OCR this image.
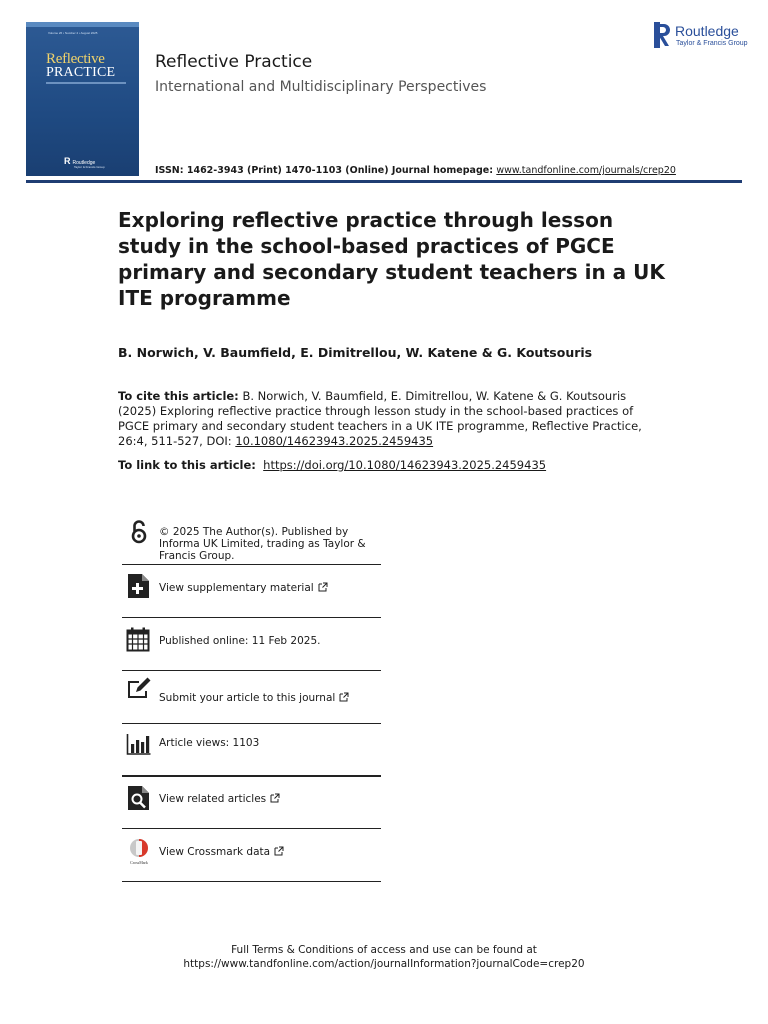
Volume 26 • Number 4 • August 2025
Reflective
PRACTICE
R Routledge
Taylor & Francis Group
Reflective Practice
International and Multidisciplinary Perspectives
ISSN: 1462-3943 (Print) 1470-1103 (Online) Journal homepage: www.tandfonline.com/journals/crep20
Routledge
Taylor & Francis Group
Exploring reflective practice through lesson study in the school-based practices of PGCE primary and secondary student teachers in a UK ITE programme
B. Norwich, V. Baumfield, E. Dimitrellou, W. Katene & G. Koutsouris
To cite this article: B. Norwich, V. Baumfield, E. Dimitrellou, W. Katene & G. Koutsouris (2025) Exploring reflective practice through lesson study in the school-based practices of PGCE primary and secondary student teachers in a UK ITE programme, Reflective Practice, 26:4, 511-527, DOI: 10.1080/14623943.2025.2459435
To link to this article: https://doi.org/10.1080/14623943.2025.2459435
© 2025 The Author(s). Published by Informa UK Limited, trading as Taylor & Francis Group.
View supplementary material
Published online: 11 Feb 2025.
Submit your article to this journal
Article views: 1103
View related articles
CrossMark
View Crossmark data
Full Terms & Conditions of access and use can be found at
https://www.tandfonline.com/action/journalInformation?journalCode=crep20
